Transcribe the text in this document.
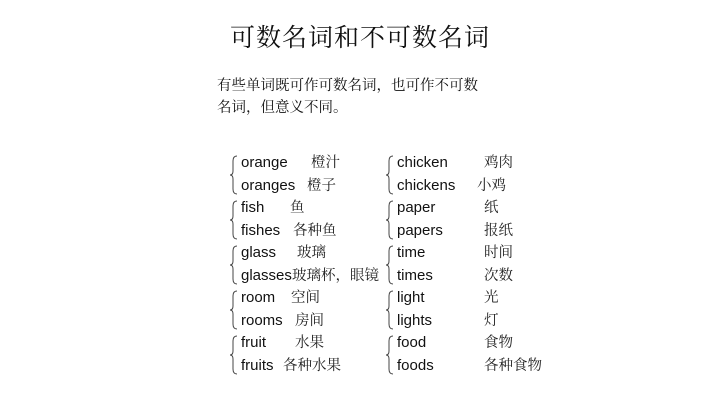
可数名词和不可数名词
有些单词既可作可数名词，也可作不可数
名词，但意义不同。
orange 橙汁
oranges 橙子
fish 鱼
fishes 各种鱼
glass 玻璃
glasses 玻璃杯，眼镜
room 空间
rooms 房间
fruit 水果
fruits 各种水果
chicken 鸡肉
chickens 小鸡
paper	纸
papers	报纸
time	时间
times	次数
light	光
lights	灯
food	食物
foods	各种食物
